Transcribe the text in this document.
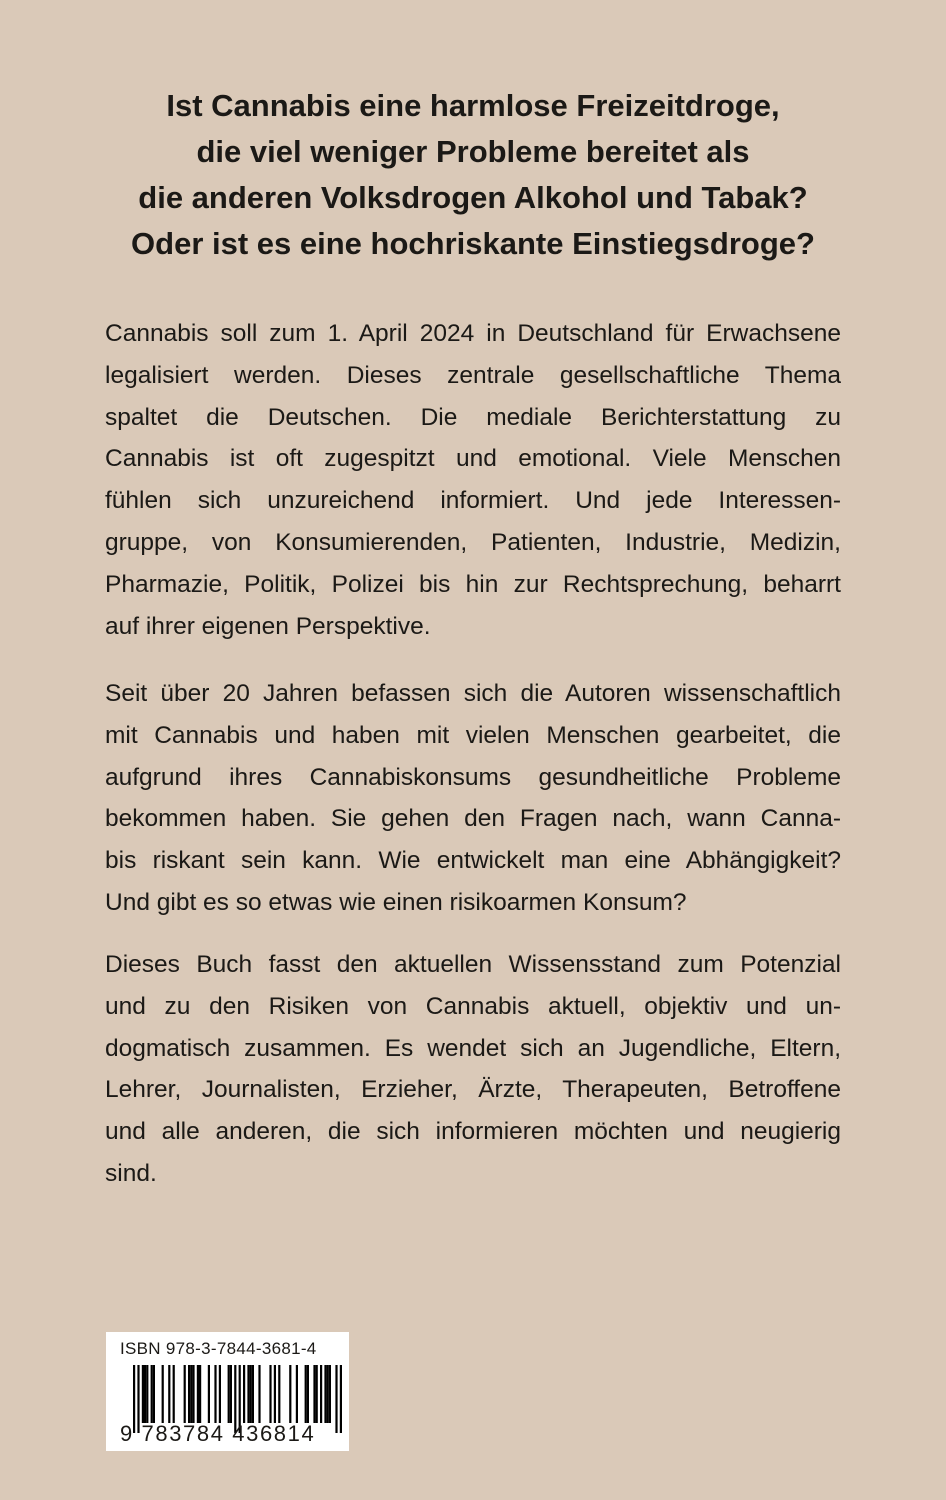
Ist Cannabis eine harmlose Freizeitdroge,
die viel weniger Probleme bereitet als
die anderen Volksdrogen Alkohol und Tabak?
Oder ist es eine hochriskante Einstiegsdroge?

Cannabis soll zum 1. April 2024 in Deutschland für Erwachsene
legalisiert werden. Dieses zentrale gesellschaftliche Thema
spaltet die Deutschen. Die mediale Berichterstattung zu
Cannabis ist oft zugespitzt und emotional. Viele Menschen
fühlen sich unzureichend informiert. Und jede Interessen-
gruppe, von Konsumierenden, Patienten, Industrie, Medizin,
Pharmazie, Politik, Polizei bis hin zur Rechtsprechung, beharrt
auf ihrer eigenen Perspektive.

Seit über 20 Jahren befassen sich die Autoren wissenschaftlich
mit Cannabis und haben mit vielen Menschen gearbeitet, die
aufgrund ihres Cannabiskonsums gesundheitliche Probleme
bekommen haben. Sie gehen den Fragen nach, wann Canna-
bis riskant sein kann. Wie entwickelt man eine Abhängigkeit?
Und gibt es so etwas wie einen risikoarmen Konsum?

Dieses Buch fasst den aktuellen Wissensstand zum Potenzial
und zu den Risiken von Cannabis aktuell, objektiv und un-
dogmatisch zusammen. Es wendet sich an Jugendliche, Eltern,
Lehrer, Journalisten, Erzieher, Ärzte, Therapeuten, Betroffene
und alle anderen, die sich informieren möchten und neugierig
sind.

ISBN 978-3-7844-3681-4
9 783784 436814
